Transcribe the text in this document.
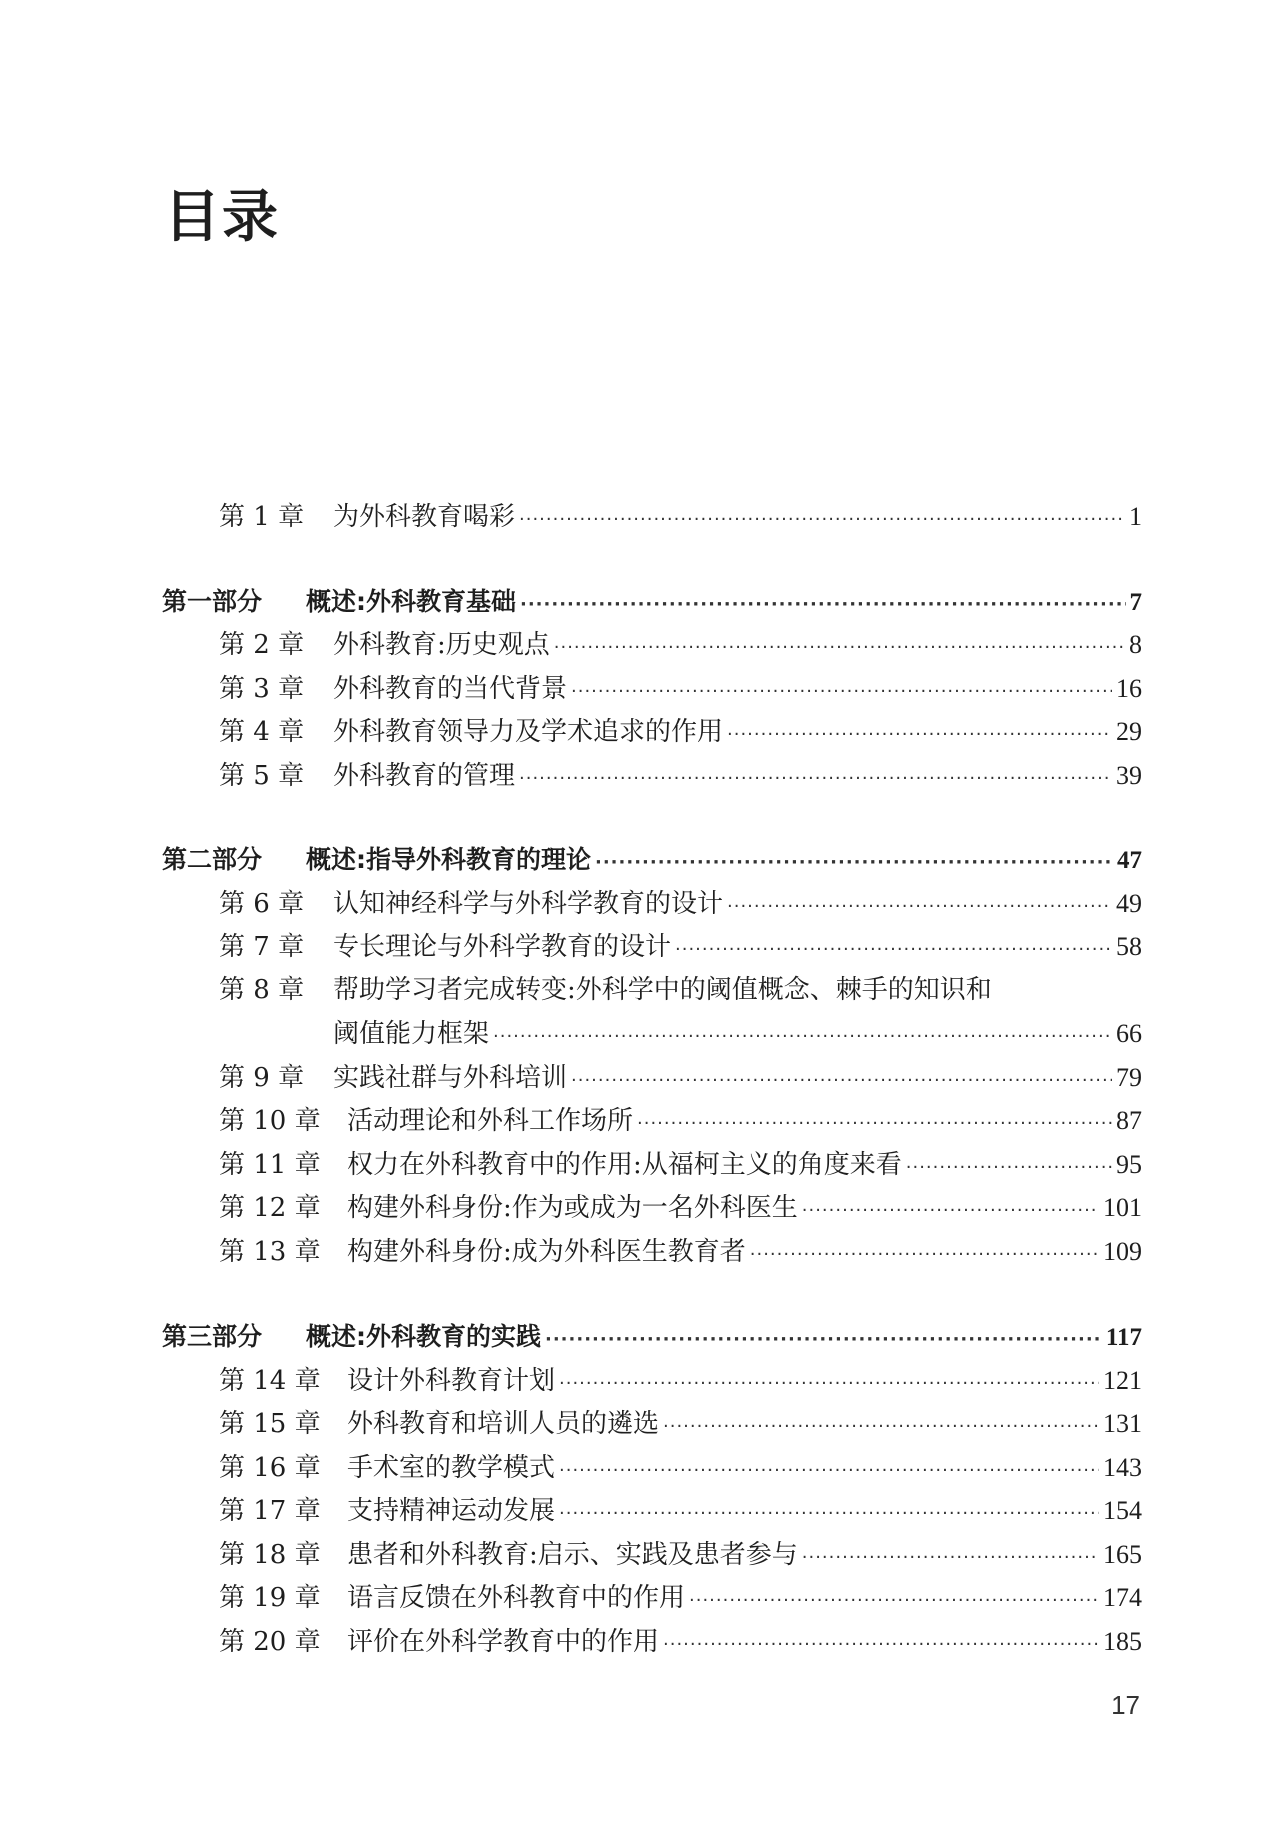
目录
第 1 章	为外科教育喝彩 ·····	1
第一部分	概述:外科教育基础 ·····	7
第 2 章	外科教育:历史观点 ·····	8
第 3 章	外科教育的当代背景 ·····	16
第 4 章	外科教育领导力及学术追求的作用 ·····	29
第 5 章	外科教育的管理 ·····	39
第二部分	概述:指导外科教育的理论 ·····	47
第 6 章	认知神经科学与外科学教育的设计 ·····	49
第 7 章	专长理论与外科学教育的设计 ·····	58
第 8 章	帮助学习者完成转变:外科学中的阈值概念、棘手的知识和
阈值能力框架 ·····	66
第 9 章	实践社群与外科培训 ·····	79
第 10 章	活动理论和外科工作场所 ·····	87
第 11 章	权力在外科教育中的作用:从福柯主义的角度来看 ·····	95
第 12 章	构建外科身份:作为或成为一名外科医生 ·····	101
第 13 章	构建外科身份:成为外科医生教育者 ·····	109
第三部分	概述:外科教育的实践 ·····	117
第 14 章	设计外科教育计划 ·····	121
第 15 章	外科教育和培训人员的遴选 ·····	131
第 16 章	手术室的教学模式 ·····	143
第 17 章	支持精神运动发展 ·····	154
第 18 章	患者和外科教育:启示、实践及患者参与 ·····	165
第 19 章	语言反馈在外科教育中的作用 ·····	174
第 20 章	评价在外科学教育中的作用 ·····	185
17
